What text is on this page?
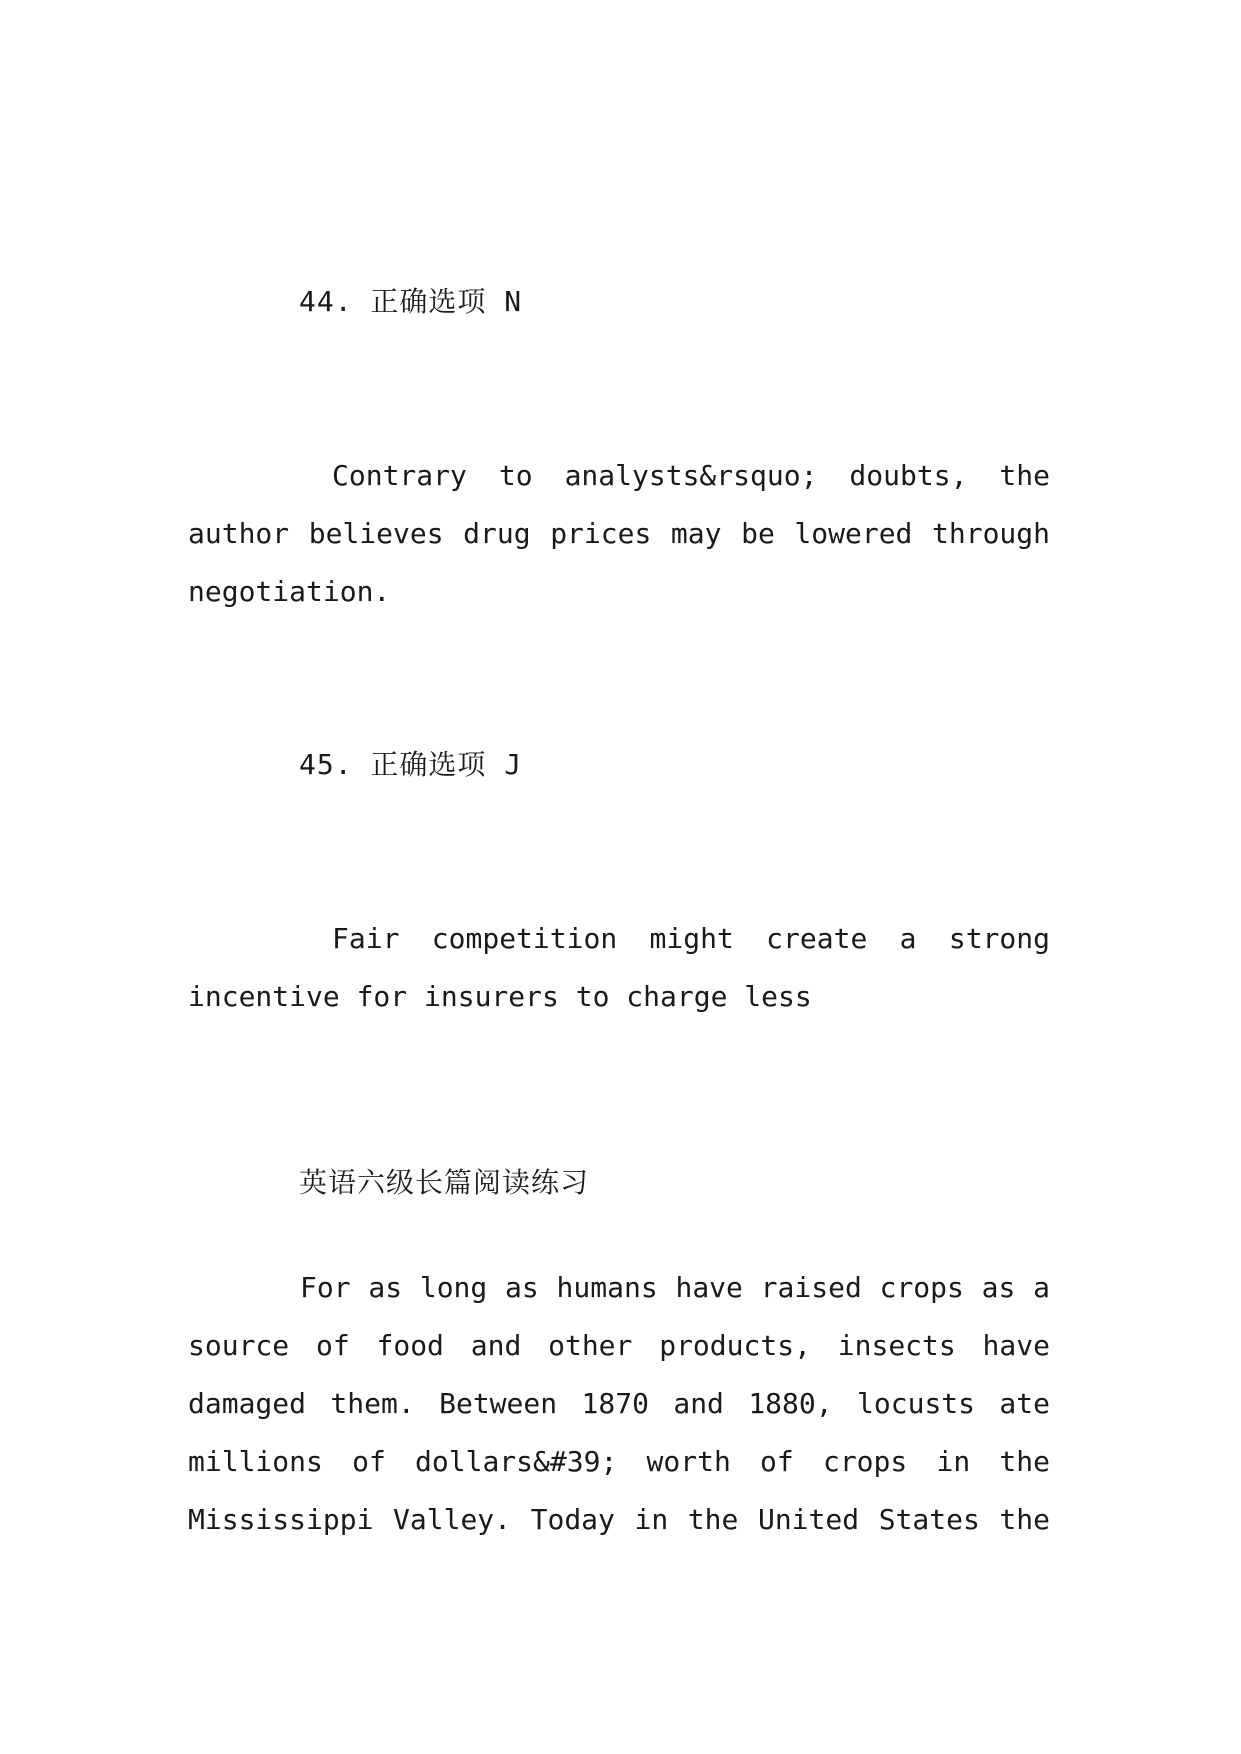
44. 正确选项 N
Contrary to analysts&rsquo; doubts, the
author believes drug prices may be lowered through
negotiation.
45. 正确选项 J
Fair competition might create a strong
incentive for insurers to charge less
英语六级长篇阅读练习
For as long as humans have raised crops as a
source of food and other products, insects have
damaged them. Between 1870 and 1880, locusts ate
millions of dollars&#39; worth of crops in the
Mississippi Valley. Today in the United States the
